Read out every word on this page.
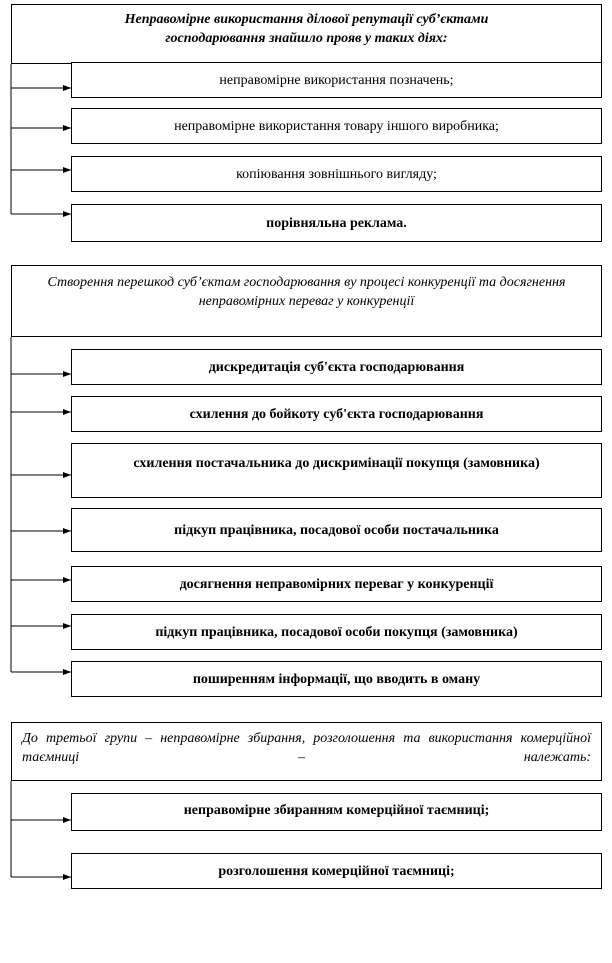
Неправомірне використання ділової репутації суб’єктами господарювання знайшло прояв у таких діях:
неправомірне використання позначень;
неправомірне використання товару іншого виробника;
копіювання зовнішнього вигляду;
порівняльна реклама.
Створення перешкод суб’єктам господарювання ву процесі конкуренції та досягнення неправомірних переваг у конкуренції
дискредитація суб'єкта господарювання
схилення до бойкоту суб'єкта господарювання
схилення постачальника до дискримінації покупця (замовника)
підкуп працівника, посадової особи постачальника
досягнення неправомірних переваг у конкуренції
підкуп працівника, посадової особи покупця (замовника)
поширенням інформації, що вводить в оману
До третьої групи – неправомірне збирання, розголошення та використання комерційної таємниці – належать:
неправомірне збиранням комерційної таємниці;
розголошення комерційної таємниці;
